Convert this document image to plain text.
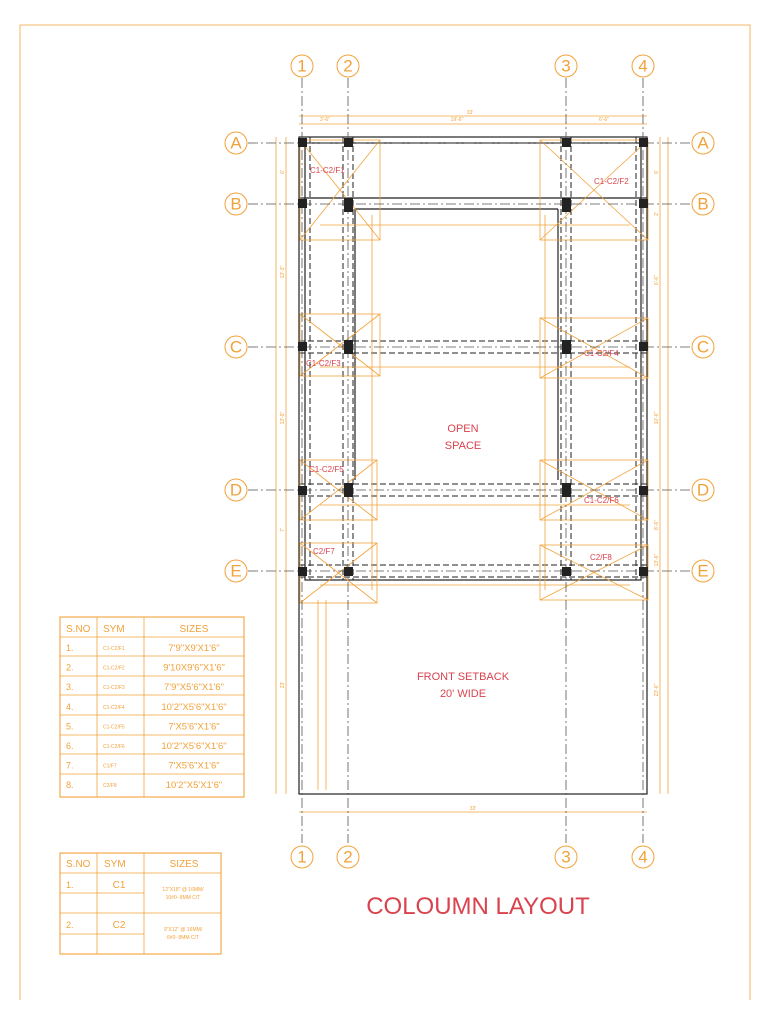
33'
3'-6"	19'-6"	6'-6"
33'
6'
13'-3"
13'-9"
7'
23'
6'
2'
6'-6"
10'-6"
8'-6"
13'-6"
23'-6"
1 2	3	4
1 2	3	4
A
B
C
D
E
A
B
C
D
E
C1-C2/F1
C1-C2/F2
C1-C2/F3
C1-C2/F4
C1-C2/F5
C1-C2/F6
C2/F7
C2/F8
OPEN
SPACE
FRONT SETBACK
20' WIDE
S.NO SYM	SIZES
1.	C1-C2/F1	7'9"X9'X1'6"
2.	C1-C2/F2	9'10X9'6"X1'6"
3.	C1-C2/F3	7'9"X5'6"X1'6"
4.	C1-C2/F4	10'2"X5'6"X1'6"
5.	C1-C2/F5	7'X5'6"X1'6"
6.	C1-C2/F6	10'2"X5'6"X1'6"
7.	C1/F7	7'X5'6"X1'6"
8.	C2/F8	10'2"X5'X1'6"
S.NO SYM	SIZES
1.	C1	12"X18" @ 16MM/
10#0- 8MM C/T
2.	C2	9"X12" @ 16MM/
6#0- 8MM C/T
COLOUMN LAYOUT
